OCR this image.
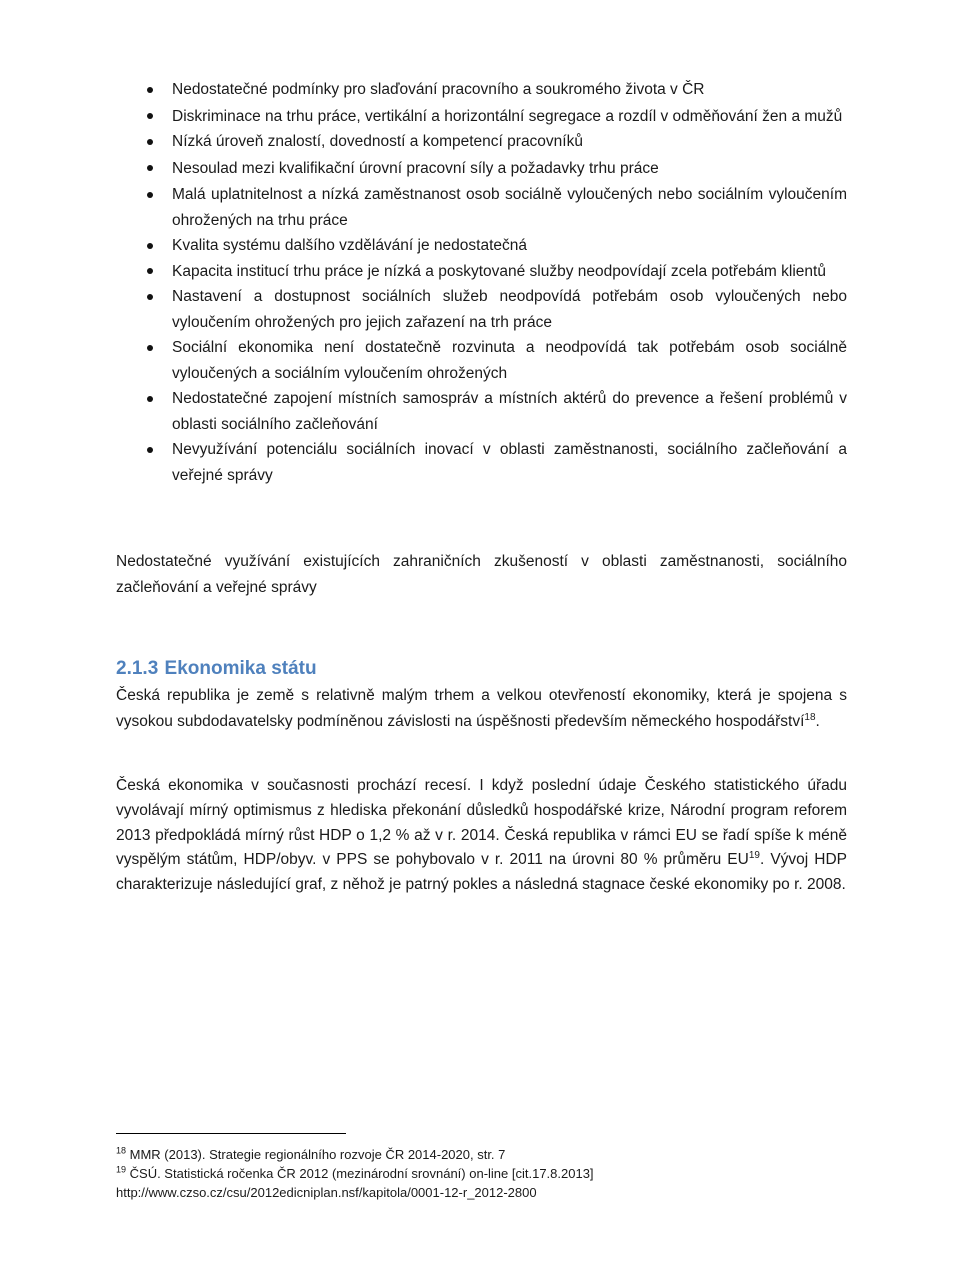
Nedostatečné podmínky pro slaďování pracovního a soukromého života v ČR
Diskriminace na trhu práce, vertikální a horizontální segregace a rozdíl v odměňování žen a mužů
Nízká úroveň znalostí, dovedností a kompetencí pracovníků
Nesoulad mezi kvalifikační úrovní pracovní síly a požadavky trhu práce
Malá uplatnitelnost a nízká zaměstnanost osob sociálně vyloučených nebo sociálním vyloučením ohrožených na trhu práce
Kvalita systému dalšího vzdělávání je nedostatečná
Kapacita institucí trhu práce je nízká a poskytované služby neodpovídají zcela potřebám klientů
Nastavení a dostupnost sociálních služeb neodpovídá potřebám osob vyloučených nebo vyloučením ohrožených pro jejich zařazení na trh práce
Sociální ekonomika není dostatečně rozvinuta a neodpovídá tak potřebám osob sociálně vyloučených a sociálním vyloučením ohrožených
Nedostatečné zapojení místních samospráv a místních aktérů do prevence a řešení problémů v oblasti sociálního začleňování
Nevyužívání potenciálu sociálních inovací v oblasti zaměstnanosti, sociálního začleňování a veřejné správy

Nedostatečné využívání existujících zahraničních zkušeností v oblasti zaměstnanosti, sociálního začleňování a veřejné správy

2.1.3 Ekonomika státu

Česká republika je země s relativně malým trhem a velkou otevřeností ekonomiky, která je spojena s vysokou subdodavatelsky podmíněnou závislosti na úspěšnosti především německého hospodářství$^{18}$.

Česká ekonomika v současnosti prochází recesí. I když poslední údaje Českého statistického úřadu vyvolávají mírný optimismus z hlediska překonání důsledků hospodářské krize, Národní program reforem 2013 předpokládá mírný růst HDP o 1,2 % až v r. 2014. Česká republika v rámci EU se řadí spíše k méně vyspělým státům, HDP/obyv. v PPS se pohybovalo v r. 2011 na úrovni 80 % průměru EU$^{19}$. Vývoj HDP charakterizuje následující graf, z něhož je patrný pokles a následná stagnace české ekonomiky po r. 2008.

$^{18}$ MMR (2013). Strategie regionálního rozvoje ČR 2014-2020, str. 7

$^{19}$ ČSÚ. Statistická ročenka ČR 2012 (mezinárodní srovnání) on-line [cit.17.8.2013]
http://www.czso.cz/csu/2012edicniplan.nsf/kapitola/0001-12-r_2012-2800
